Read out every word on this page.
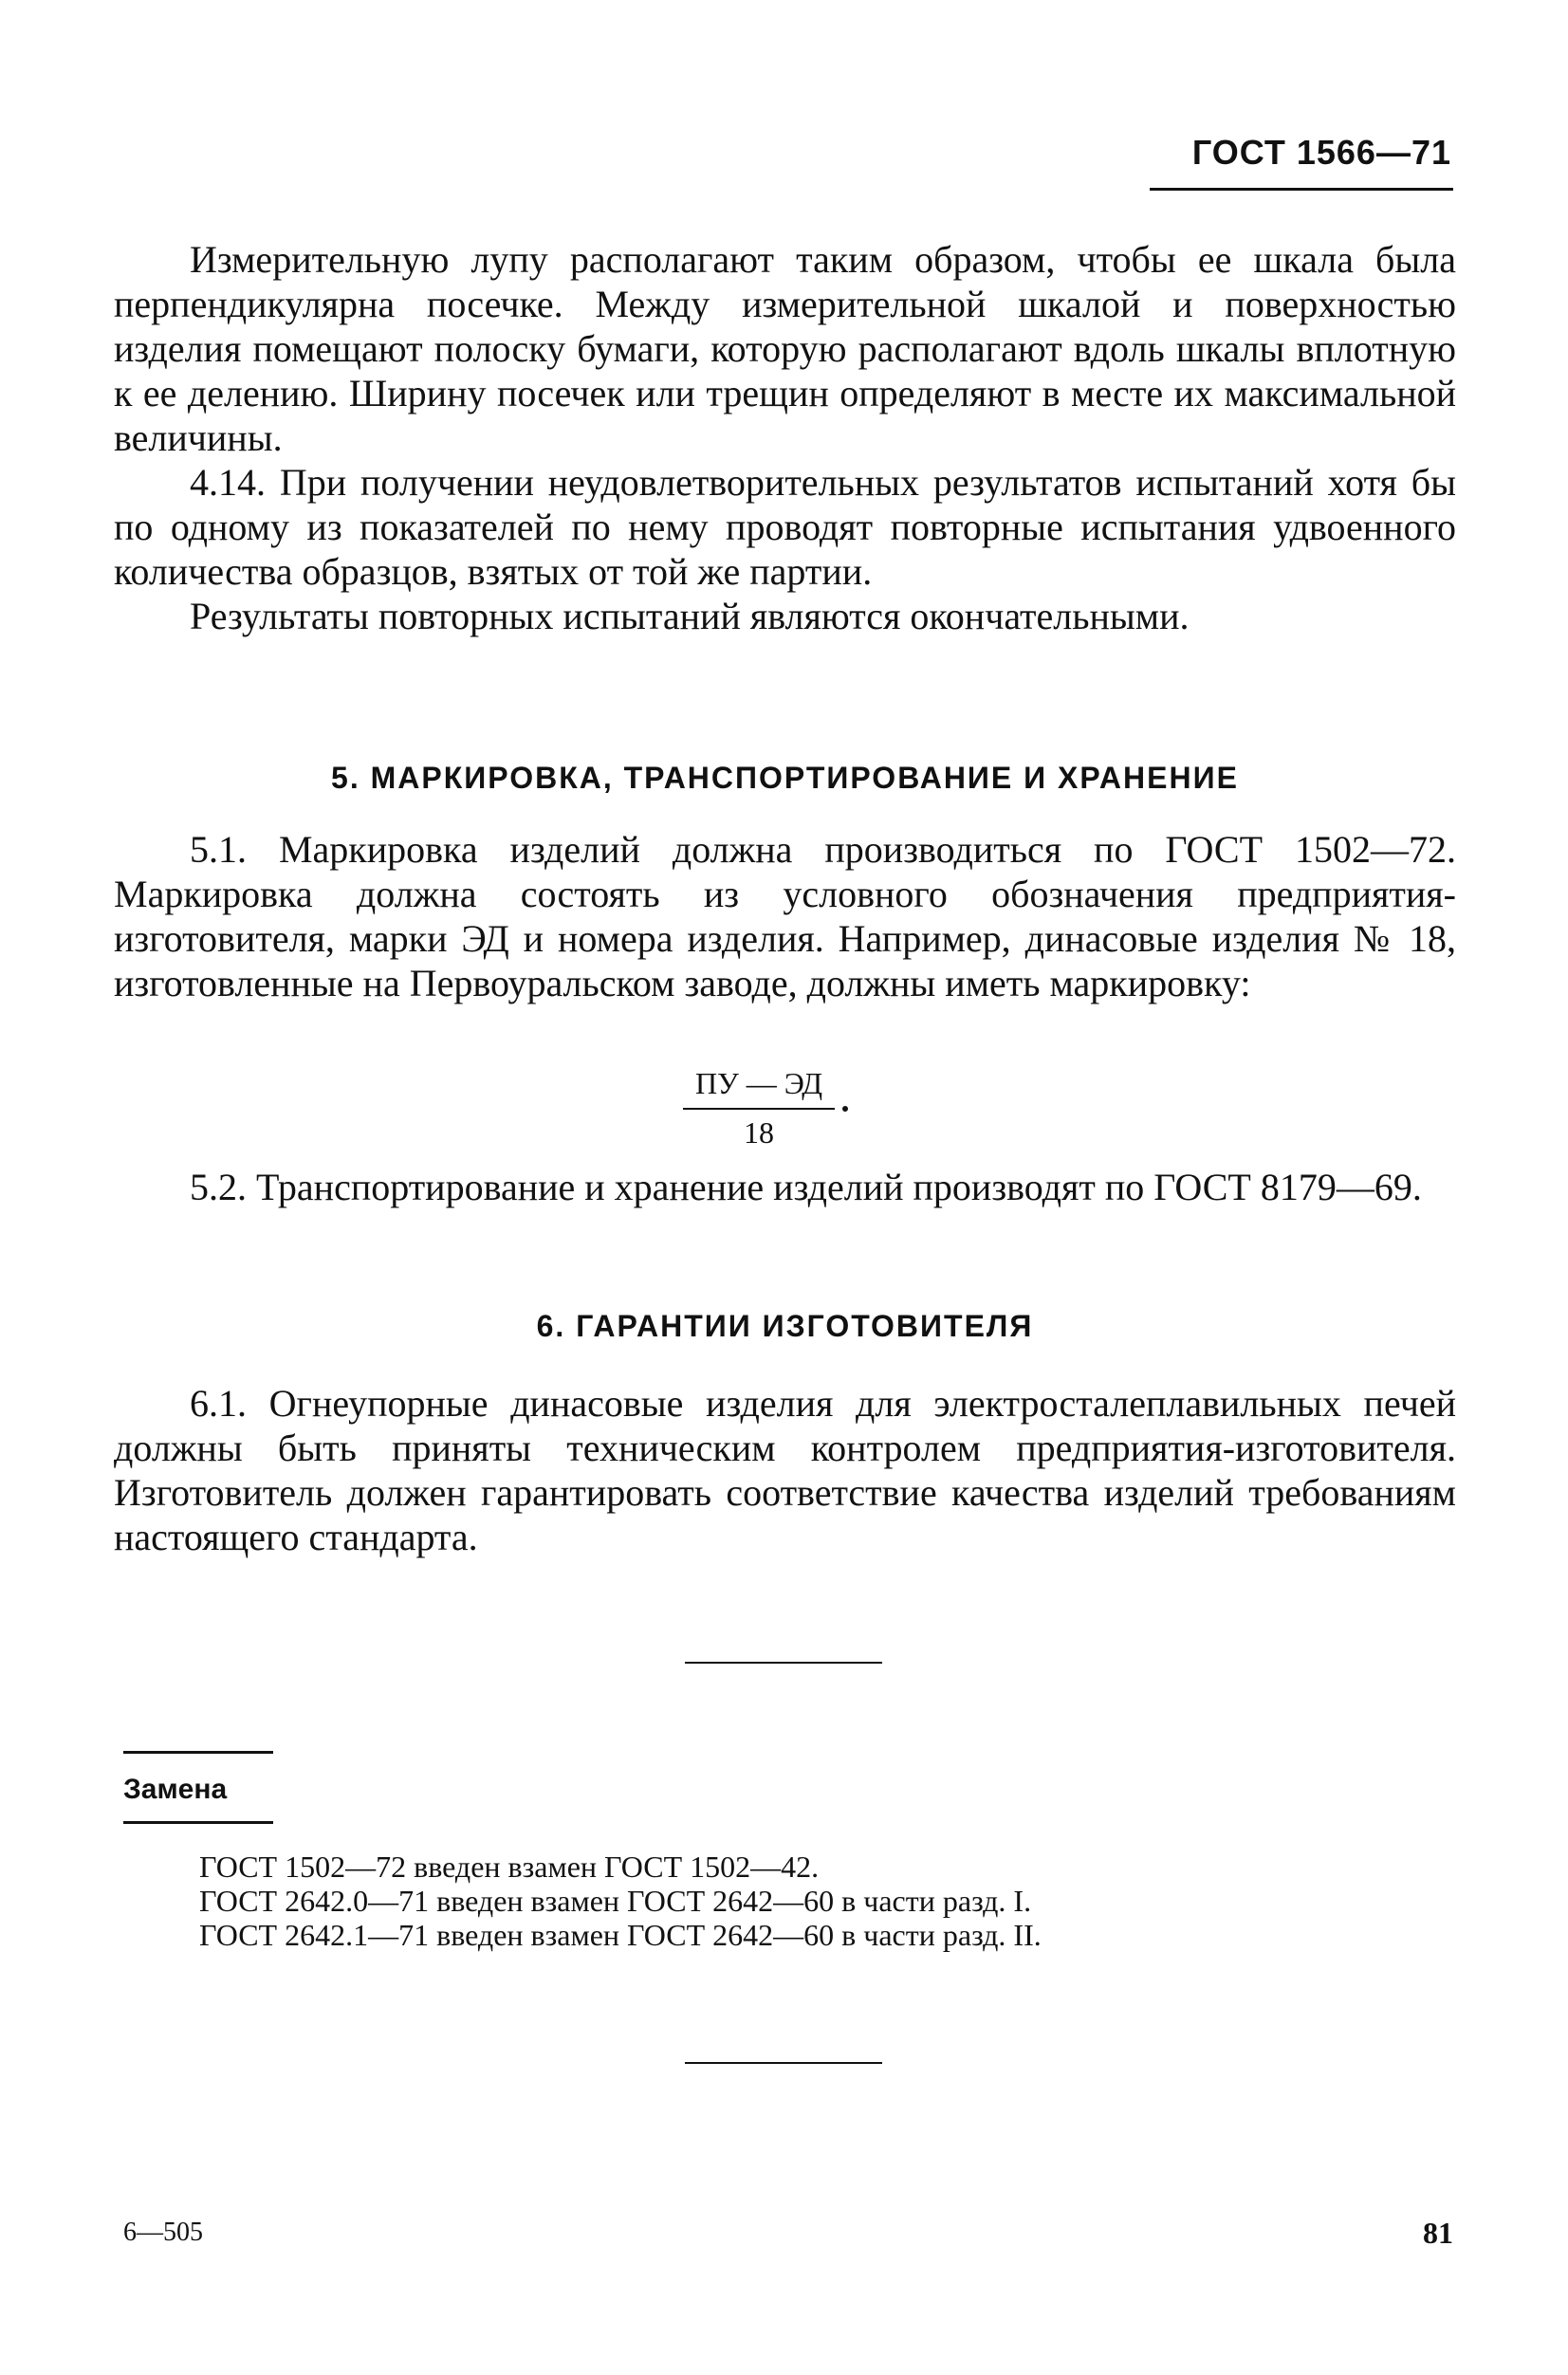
ГОСТ 1566—71

Измерительную лупу располагают таким образом, чтобы ее шкала была перпендикулярна посечке. Между измерительной шкалой и поверхностью изделия помещают полоску бумаги, которую располагают вдоль шкалы вплотную к ее делению. Ширину посечек или трещин определяют в месте их максимальной величины.

4.14. При получении неудовлетворительных результатов испытаний хотя бы по одному из показателей по нему проводят повторные испытания удвоенного количества образцов, взятых от той же партии.

Результаты повторных испытаний являются окончательными.

5. МАРКИРОВКА, ТРАНСПОРТИРОВАНИЕ И ХРАНЕНИЕ

5.1. Маркировка изделий должна производиться по ГОСТ 1502—72. Маркировка должна состоять из условного обозначения предприятия-изготовителя, марки ЭД и номера изделия. Например, динасовые изделия № 18, изготовленные на Первоуральском заводе, должны иметь маркировку:

ПУ — ЭД
18

5.2. Транспортирование и хранение изделий производят по ГОСТ 8179—69.

6. ГАРАНТИИ ИЗГОТОВИТЕЛЯ

6.1. Огнеупорные динасовые изделия для электросталеплавильных печей должны быть приняты техническим контролем предприятия-изготовителя. Изготовитель должен гарантировать соответствие качества изделий требованиям настоящего стандарта.

Замена
ГОСТ 1502—72 введен взамен ГОСТ 1502—42.
ГОСТ 2642.0—71 введен взамен ГОСТ 2642—60 в части разд. I.
ГОСТ 2642.1—71 введен взамен ГОСТ 2642—60 в части разд. II.
6—505	81
